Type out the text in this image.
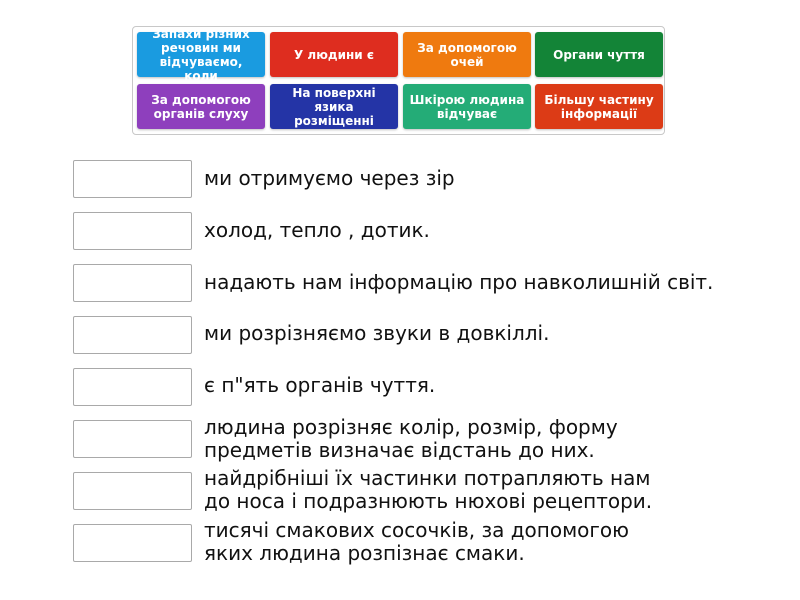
Запахи різних речовин ми відчуваємо, коли
У людини є	За допомогою очей	Органи чуття
За допомогою органів слуху
На поверхні язика розміщенні
Шкірою людина відчуває
Більшу частину інформації
ми отримуємо через зір
холод, тепло , дотик.
надають нам інформацію про навколишній світ.
ми розрізняємо звуки в довкіллі.
є п"ять органів чуття.
людина розрізняє колір, розмір, форму
предметів визначає відстань до них.
найдрібніші їх частинки потрапляють нам
до носа і подразнюють нюхові рецептори.
тисячі смакових сосочків, за допомогою
яких людина розпізнає смаки.
